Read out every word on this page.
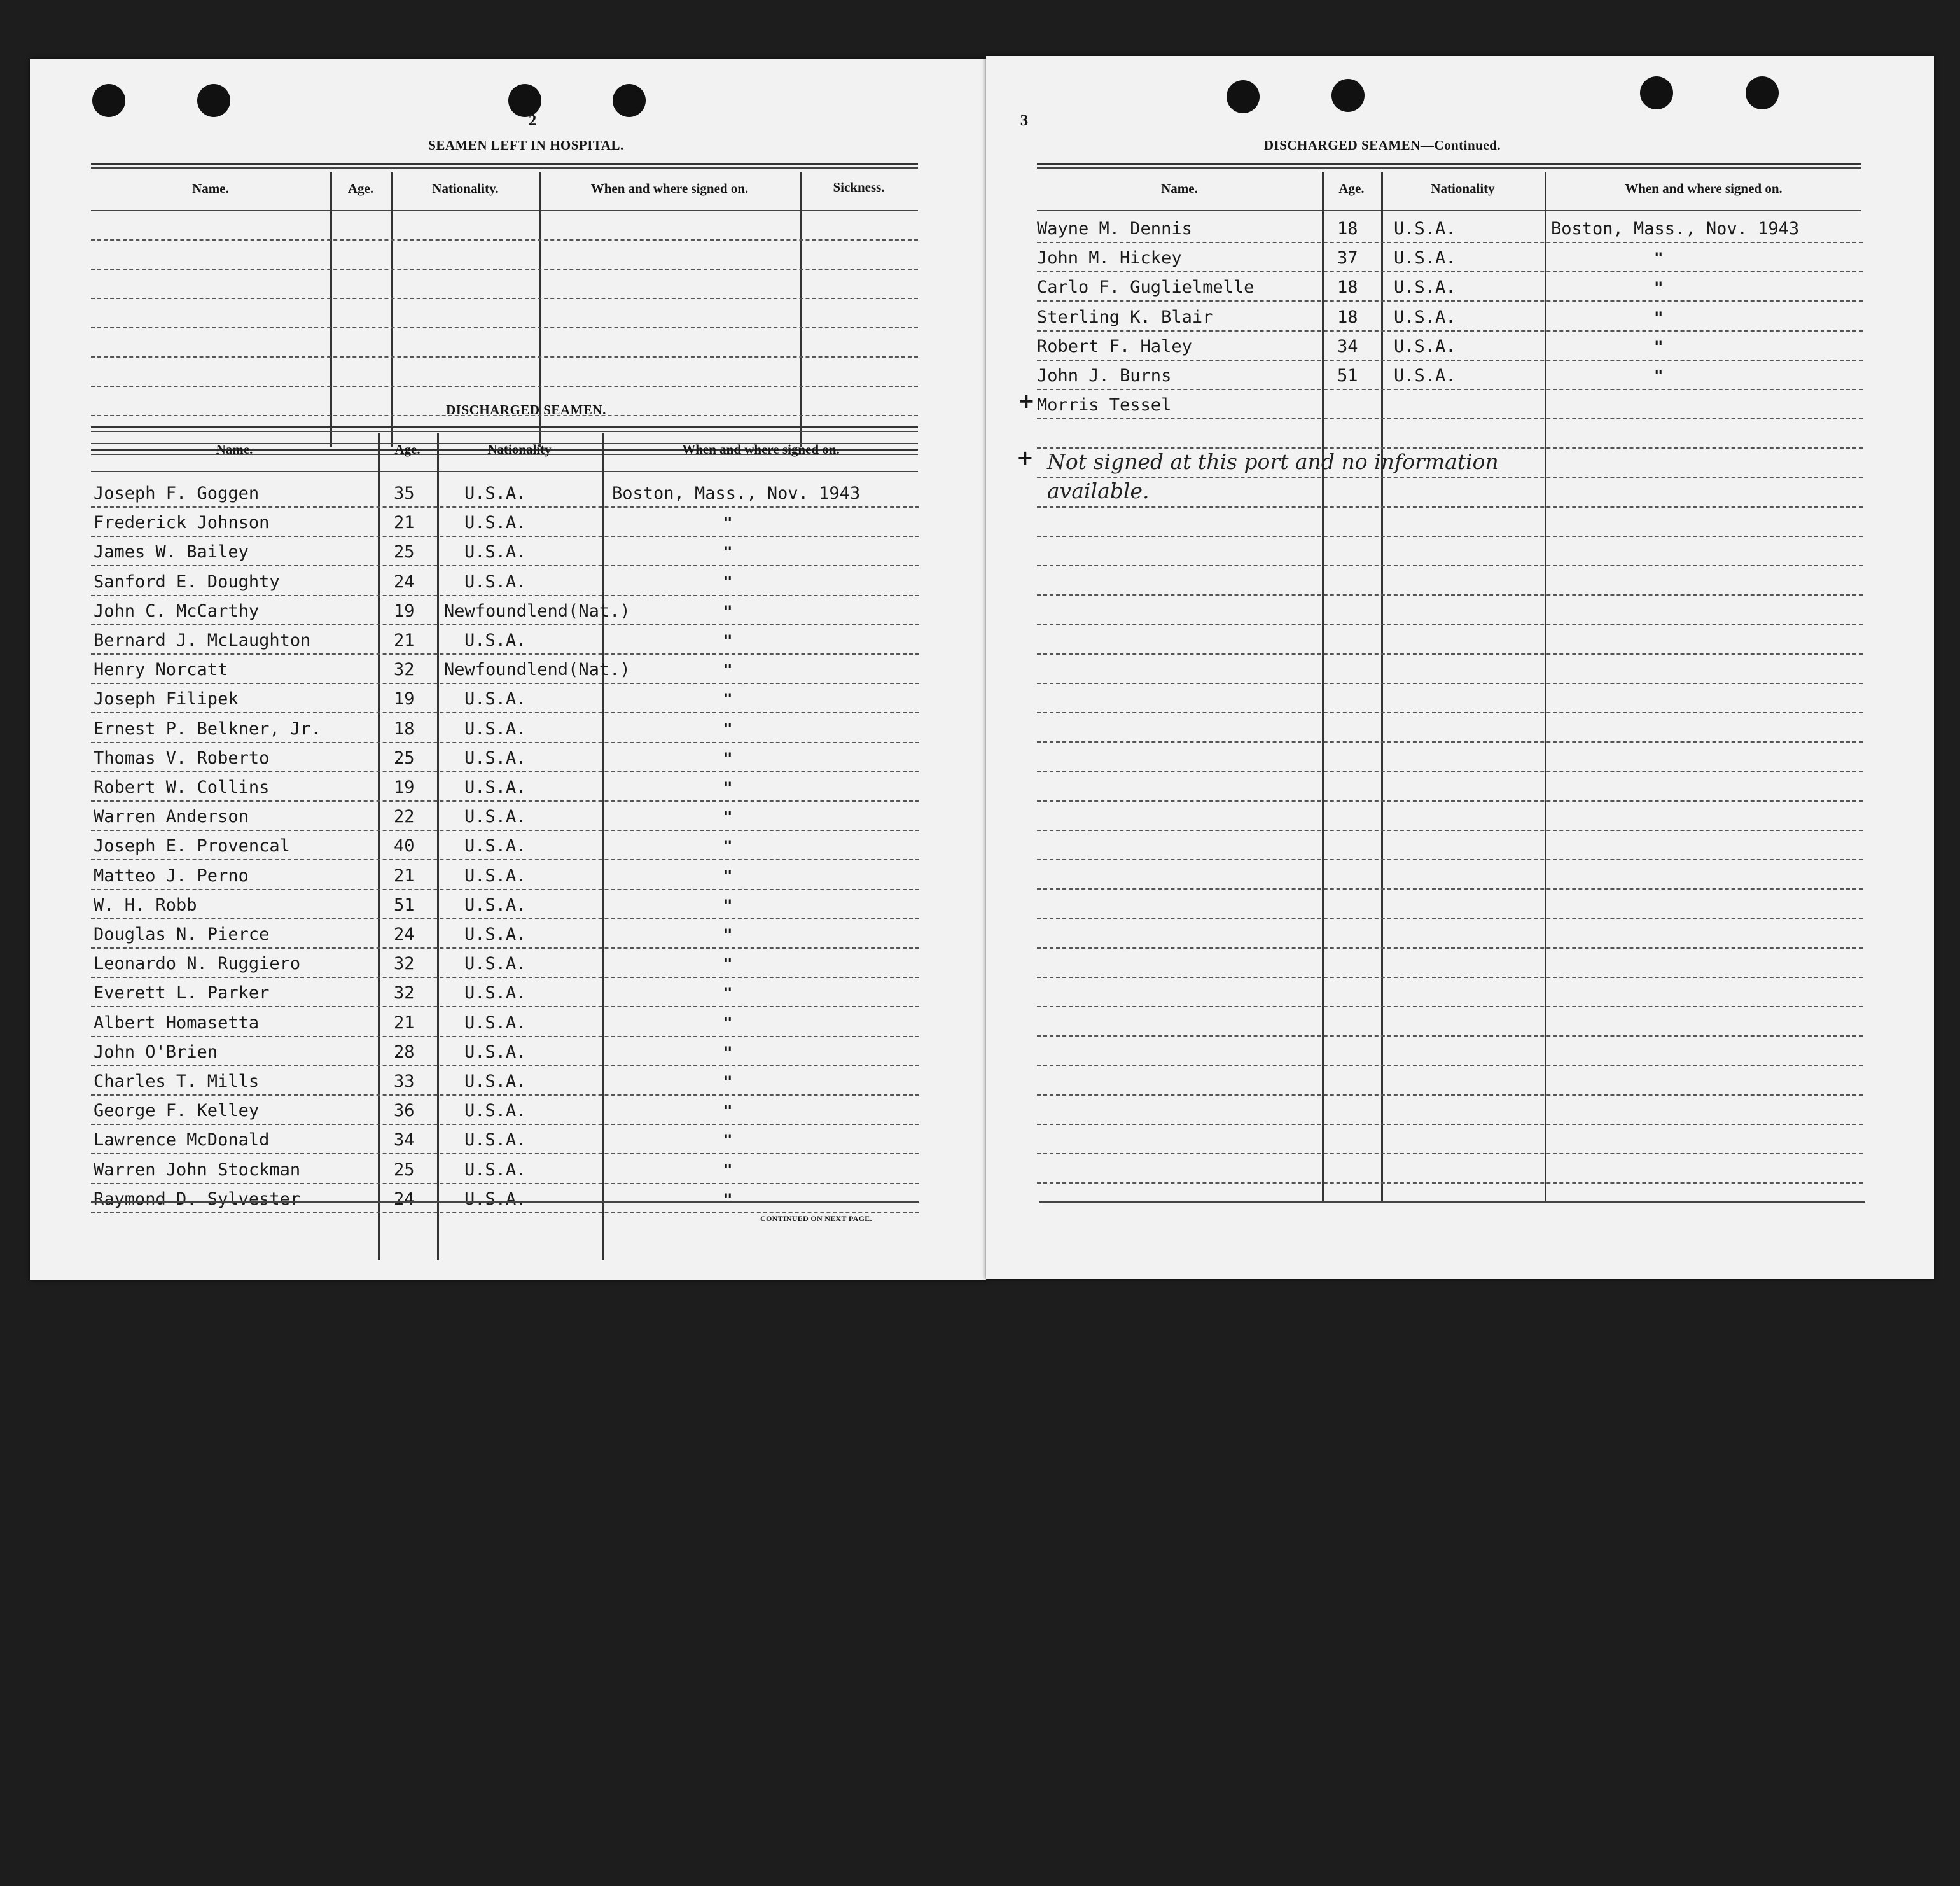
2
SEAMEN LEFT IN HOSPITAL.
Name.	Age.	Nationality.	When and where signed on.	Sickness.
DISCHARGED SEAMEN.
Name.	Age.	Nationality	When and where signed on.
Joseph F. Goggen	35	U.S.A.	Boston, Mass., Nov. 1943
Frederick Johnson	21	U.S.A.	"
James W. Bailey	25	U.S.A.	"
Sanford E. Doughty	24	U.S.A.	"
John C. McCarthy	19 Newfoundlend(Nat.)	"
Bernard J. McLaughton	21	U.S.A.	"
Henry Norcatt	32 Newfoundlend(Nat.)	"
Joseph Filipek	19	U.S.A.	"
Ernest P. Belkner, Jr.	18	U.S.A.	"
Thomas V. Roberto	25	U.S.A.	"
Robert W. Collins	19	U.S.A.	"
Warren Anderson	22	U.S.A.	"
Joseph E. Provencal	40	U.S.A.	"
Matteo J. Perno	21	U.S.A.	"
W. H. Robb	51	U.S.A.	"
Douglas N. Pierce	24	U.S.A.	"
Leonardo N. Ruggiero	32	U.S.A.	"
Everett L. Parker	32	U.S.A.	"
Albert Homasetta	21	U.S.A.	"
John O'Brien	28	U.S.A.	"
Charles T. Mills	33	U.S.A.	"
George F. Kelley	36	U.S.A.	"
Lawrence McDonald	34	U.S.A.	"
Warren John Stockman	25	U.S.A.	"
Raymond D. Sylvester	24	U.S.A.	"
CONTINUED ON NEXT PAGE.
3
DISCHARGED SEAMEN—Continued.
Name.	Age.	Nationality	When and where signed on.
Wayne M. Dennis	18 U.S.A.	Boston, Mass., Nov. 1943
John M. Hickey	37 U.S.A.	"
Carlo F. Guglielmelle	18 U.S.A.	"
Sterling K. Blair	18 U.S.A.	"
Robert F. Haley	34 U.S.A.	"
John J. Burns	51 U.S.A.	"
+ Morris Tessel
+ Not signed at this port and no information
available.
